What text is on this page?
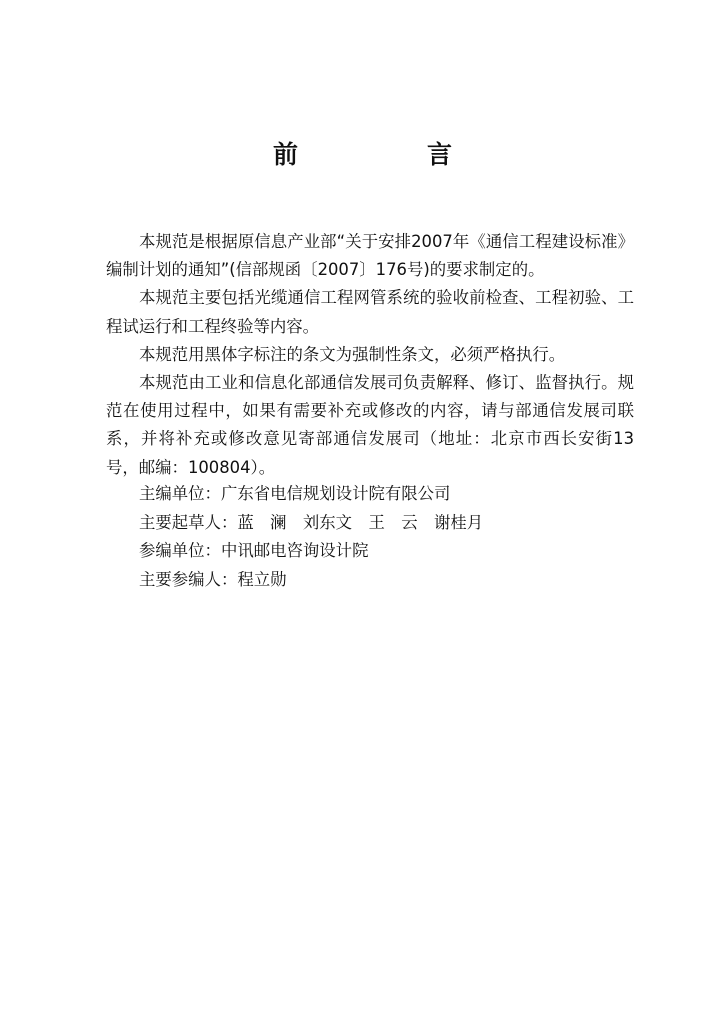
前　言

本规范是根据原信息产业部“关于安排2007年《通信工程建设标准》编制计划的通知”(信部规函〔2007〕176号)的要求制定的。

本规范主要包括光缆通信工程网管系统的验收前检查、工程初验、工程试运行和工程终验等内容。

本规范用黑体字标注的条文为强制性条文，必须严格执行。

本规范由工业和信息化部通信发展司负责解释、修订、监督执行。规范在使用过程中，如果有需要补充或修改的内容，请与部通信发展司联系，并将补充或修改意见寄部通信发展司（地址：北京市西长安街13号，邮编：100804）。

主编单位：广东省电信规划设计院有限公司

主要起草人：蓝　澜　刘东文　王　云　谢桂月

参编单位：中讯邮电咨询设计院

主要参编人：程立勋
